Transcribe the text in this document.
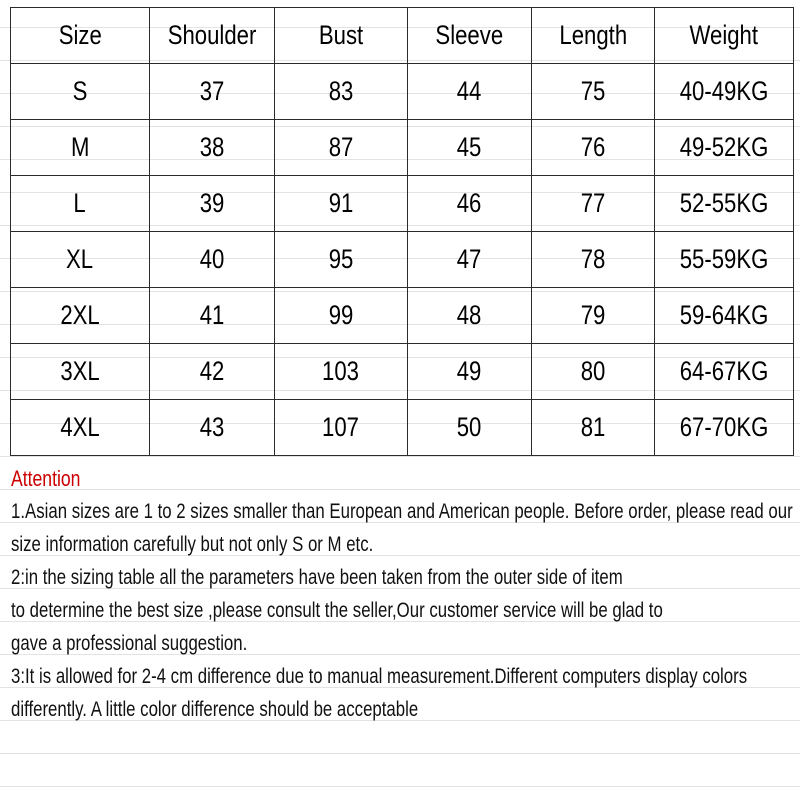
Size	Shoulder	Bust	Sleeve	Length	Weight
S	37	83	44	75	40-49KG
M	38	87	45	76	49-52KG
L	39	91	46	77	52-55KG
XL	40	95	47	78	55-59KG
2XL	41	99	48	79	59-64KG
3XL	42	103	49	80	64-67KG
4XL	43	107	50	81	67-70KG
Attention
1.Asian sizes are 1 to 2 sizes smaller than European and American people. Before order, please read our
size information carefully but not only S or M etc.
2:in the sizing table all the parameters have been taken from the outer side of item
to determine the best size ,please consult the seller,Our customer service will be glad to
gave a professional suggestion.
3:It is allowed for 2-4 cm difference due to manual measurement.Different computers display colors
differently. A little color difference should be acceptable
